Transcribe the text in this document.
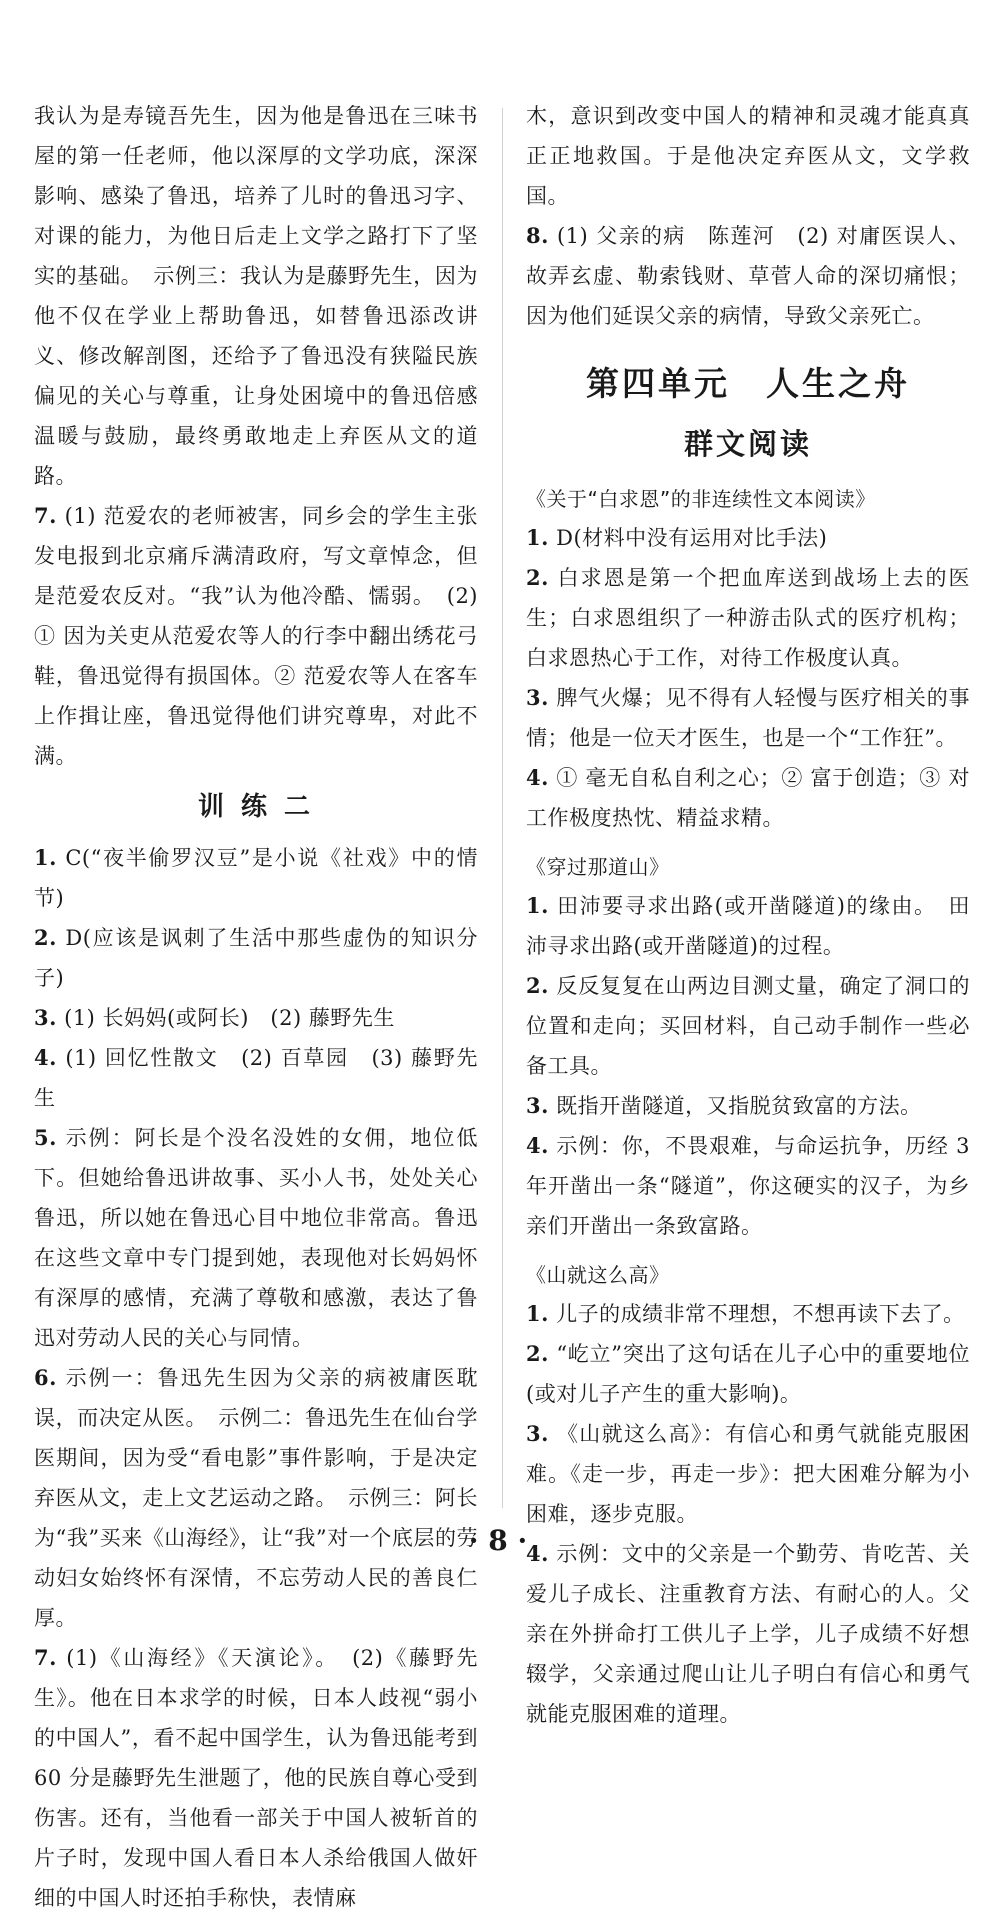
我认为是寿镜吾先生，因为他是鲁迅在三味书屋的第一任老师，他以深厚的文学功底，深深影响、感染了鲁迅，培养了儿时的鲁迅习字、对课的能力，为他日后走上文学之路打下了坚实的基础。　示例三：我认为是藤野先生，因为他不仅在学业上帮助鲁迅，如替鲁迅添改讲义、修改解剖图，还给予了鲁迅没有狭隘民族偏见的关心与尊重，让身处困境中的鲁迅倍感温暖与鼓励，最终勇敢地走上弃医从文的道路。

7. (1) 范爱农的老师被害，同乡会的学生主张发电报到北京痛斥满清政府，写文章悼念，但是范爱农反对。“我”认为他冷酷、懦弱。　(2) ① 因为关吏从范爱农等人的行李中翻出绣花弓鞋，鲁迅觉得有损国体。② 范爱农等人在客车上作揖让座，鲁迅觉得他们讲究尊卑，对此不满。

训 练 二

1. C(“夜半偷罗汉豆”是小说《社戏》中的情节)

2. D(应该是讽刺了生活中那些虚伪的知识分子)

3. (1) 长妈妈(或阿长)　(2) 藤野先生

4. (1) 回忆性散文　(2) 百草园　(3) 藤野先生

5. 示例：阿长是个没名没姓的女佣，地位低下。但她给鲁迅讲故事、买小人书，处处关心鲁迅，所以她在鲁迅心目中地位非常高。鲁迅在这些文章中专门提到她，表现他对长妈妈怀有深厚的感情，充满了尊敬和感激，表达了鲁迅对劳动人民的关心与同情。

6. 示例一：鲁迅先生因为父亲的病被庸医耽误，而决定从医。　示例二：鲁迅先生在仙台学医期间，因为受“看电影”事件影响，于是决定弃医从文，走上文艺运动之路。　示例三：阿长为“我”买来《山海经》，让“我”对一个底层的劳动妇女始终怀有深情，不忘劳动人民的善良仁厚。

7. (1)《山海经》《天演论》。　(2)《藤野先生》。他在日本求学的时候，日本人歧视“弱小的中国人”，看不起中国学生，认为鲁迅能考到 60 分是藤野先生泄题了，他的民族自尊心受到伤害。还有，当他看一部关于中国人被斩首的片子时，发现中国人看日本人杀给俄国人做奸细的中国人时还拍手称快，表情麻

木，意识到改变中国人的精神和灵魂才能真真正正地救国。于是他决定弃医从文，文学救国。

8. (1) 父亲的病　陈莲河　(2) 对庸医误人、故弄玄虚、勒索钱财、草菅人命的深切痛恨；因为他们延误父亲的病情，导致父亲死亡。

第四单元　人生之舟
群文阅读
《关于“白求恩”的非连续性文本阅读》

1. D(材料中没有运用对比手法)

2. 白求恩是第一个把血库送到战场上去的医生；白求恩组织了一种游击队式的医疗机构；白求恩热心于工作，对待工作极度认真。

3. 脾气火爆；见不得有人轻慢与医疗相关的事情；他是一位天才医生，也是一个“工作狂”。

4. ① 毫无自私自利之心；② 富于创造；③ 对工作极度热忱、精益求精。

《穿过那道山》

1. 田沛要寻求出路(或开凿隧道)的缘由。　田沛寻求出路(或开凿隧道)的过程。

2. 反反复复在山两边目测丈量，确定了洞口的位置和走向；买回材料，自己动手制作一些必备工具。

3. 既指开凿隧道，又指脱贫致富的方法。

4. 示例：你，不畏艰难，与命运抗争，历经 3 年开凿出一条“隧道”，你这硬实的汉子，为乡亲们开凿出一条致富路。

《山就这么高》

1. 儿子的成绩非常不理想，不想再读下去了。

2. “屹立”突出了这句话在儿子心中的重要地位(或对儿子产生的重大影响)。

3. 《山就这么高》：有信心和勇气就能克服困难。《走一步，再走一步》：把大困难分解为小困难，逐步克服。

4. 示例：文中的父亲是一个勤劳、肯吃苦、关爱儿子成长、注重教育方法、有耐心的人。父亲在外拼命打工供儿子上学，儿子成绩不好想辍学，父亲通过爬山让儿子明白有信心和勇气就能克服困难的道理。

· 8 ·
